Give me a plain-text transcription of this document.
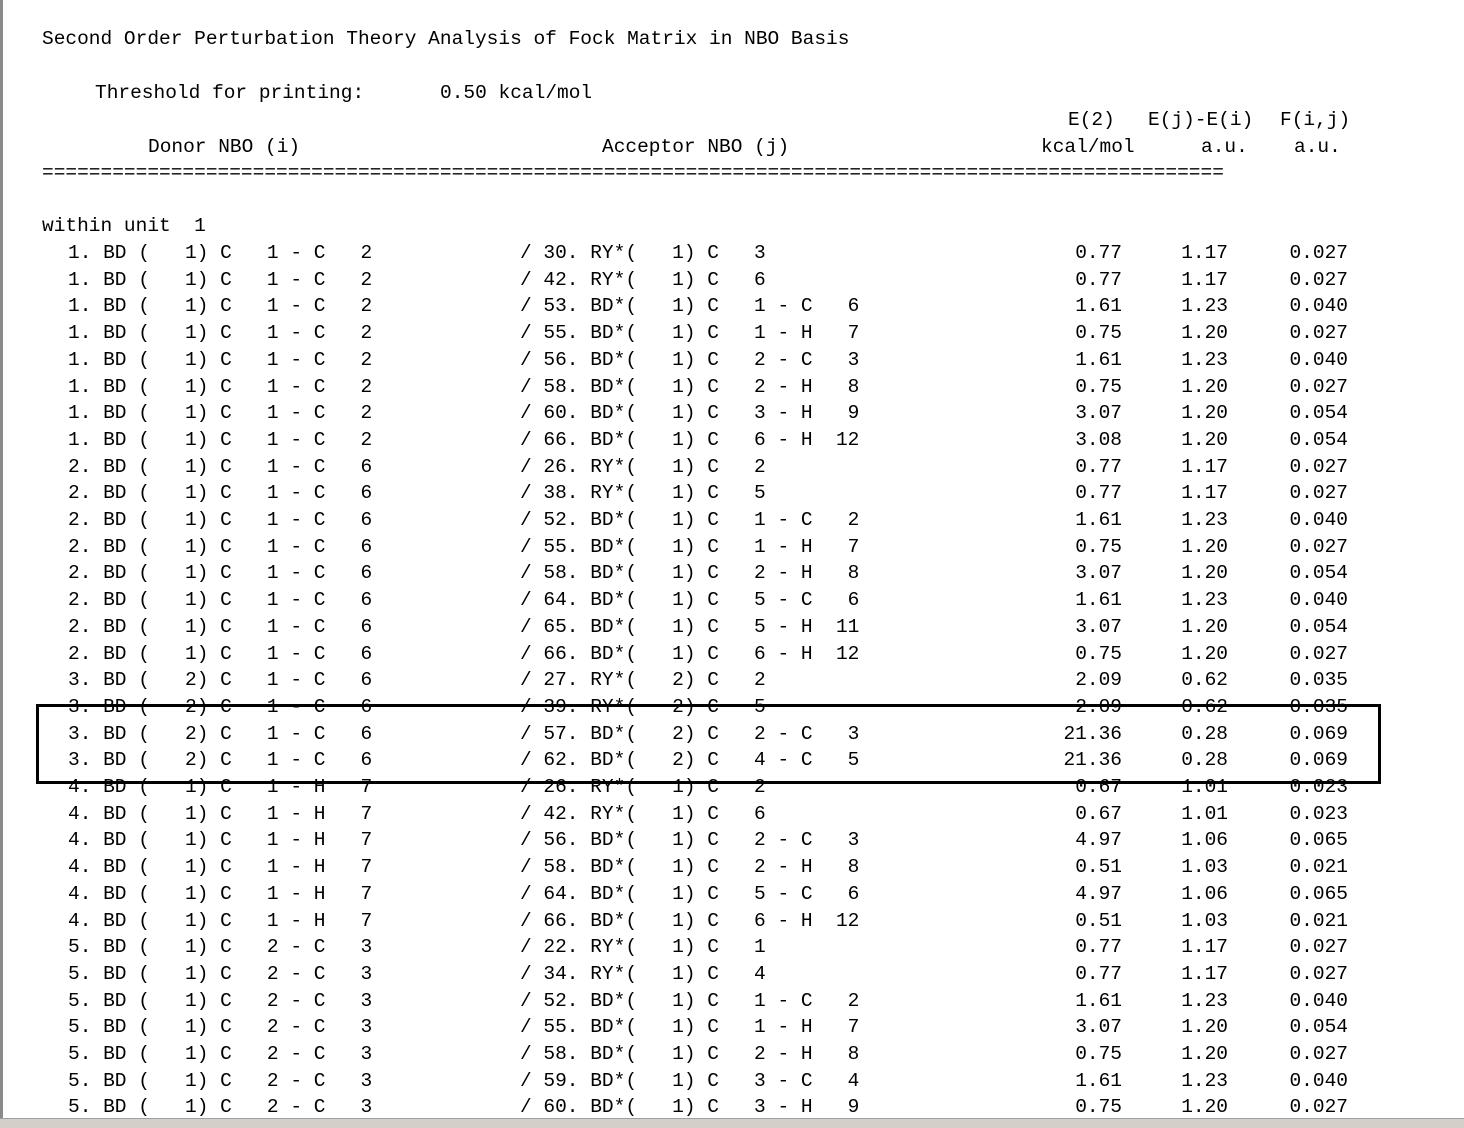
Second Order Perturbation Theory Analysis of Fock Matrix in NBO Basis
Threshold for printing:	0.50 kcal/mol
E(2) E(j)-E(i) F(i,j)
Donor NBO (i)	Acceptor NBO (j)	kcal/mol	a.u. a.u.
=====================================================================================================
within unit  1
1. BD (   1) C   1 - C   2	/ 30. RY*(   1) C   3	0.77	1.17	0.027
1. BD (   1) C   1 - C   2	/ 42. RY*(   1) C   6	0.77	1.17	0.027
1. BD (   1) C   1 - C   2	/ 53. BD*(   1) C   1 - C   6	1.61	1.23	0.040
1. BD (   1) C   1 - C   2	/ 55. BD*(   1) C   1 - H   7	0.75	1.20	0.027
1. BD (   1) C   1 - C   2	/ 56. BD*(   1) C   2 - C   3	1.61	1.23	0.040
1. BD (   1) C   1 - C   2	/ 58. BD*(   1) C   2 - H   8	0.75	1.20	0.027
1. BD (   1) C   1 - C   2	/ 60. BD*(   1) C   3 - H   9	3.07	1.20	0.054
1. BD (   1) C   1 - C   2	/ 66. BD*(   1) C   6 - H  12	3.08	1.20	0.054
2. BD (   1) C   1 - C   6	/ 26. RY*(   1) C   2	0.77	1.17	0.027
2. BD (   1) C   1 - C   6	/ 38. RY*(   1) C   5	0.77	1.17	0.027
2. BD (   1) C   1 - C   6	/ 52. BD*(   1) C   1 - C   2	1.61	1.23	0.040
2. BD (   1) C   1 - C   6	/ 55. BD*(   1) C   1 - H   7	0.75	1.20	0.027
2. BD (   1) C   1 - C   6	/ 58. BD*(   1) C   2 - H   8	3.07	1.20	0.054
2. BD (   1) C   1 - C   6	/ 64. BD*(   1) C   5 - C   6	1.61	1.23	0.040
2. BD (   1) C   1 - C   6	/ 65. BD*(   1) C   5 - H  11	3.07	1.20	0.054
2. BD (   1) C   1 - C   6	/ 66. BD*(   1) C   6 - H  12	0.75	1.20	0.027
3. BD (   2) C   1 - C   6	/ 27. RY*(   2) C   2	2.09	0.62	0.035
3. BD (   2) C   1 - C   6	/ 39. RY*(   2) C   5	2.09	0.62	0.035
3. BD (   2) C   1 - C   6	/ 57. BD*(   2) C   2 - C   3	21.36	0.28	0.069
3. BD (   2) C   1 - C   6	/ 62. BD*(   2) C   4 - C   5	21.36	0.28	0.069
4. BD (   1) C   1 - H   7	/ 26. RY*(   1) C   2	0.67	1.01	0.023
4. BD (   1) C   1 - H   7	/ 42. RY*(   1) C   6	0.67	1.01	0.023
4. BD (   1) C   1 - H   7	/ 56. BD*(   1) C   2 - C   3	4.97	1.06	0.065
4. BD (   1) C   1 - H   7	/ 58. BD*(   1) C   2 - H   8	0.51	1.03	0.021
4. BD (   1) C   1 - H   7	/ 64. BD*(   1) C   5 - C   6	4.97	1.06	0.065
4. BD (   1) C   1 - H   7	/ 66. BD*(   1) C   6 - H  12	0.51	1.03	0.021
5. BD (   1) C   2 - C   3	/ 22. RY*(   1) C   1	0.77	1.17	0.027
5. BD (   1) C   2 - C   3	/ 34. RY*(   1) C   4	0.77	1.17	0.027
5. BD (   1) C   2 - C   3	/ 52. BD*(   1) C   1 - C   2	1.61	1.23	0.040
5. BD (   1) C   2 - C   3	/ 55. BD*(   1) C   1 - H   7	3.07	1.20	0.054
5. BD (   1) C   2 - C   3	/ 58. BD*(   1) C   2 - H   8	0.75	1.20	0.027
5. BD (   1) C   2 - C   3	/ 59. BD*(   1) C   3 - C   4	1.61	1.23	0.040
5. BD (   1) C   2 - C   3	/ 60. BD*(   1) C   3 - H   9	0.75	1.20	0.027
